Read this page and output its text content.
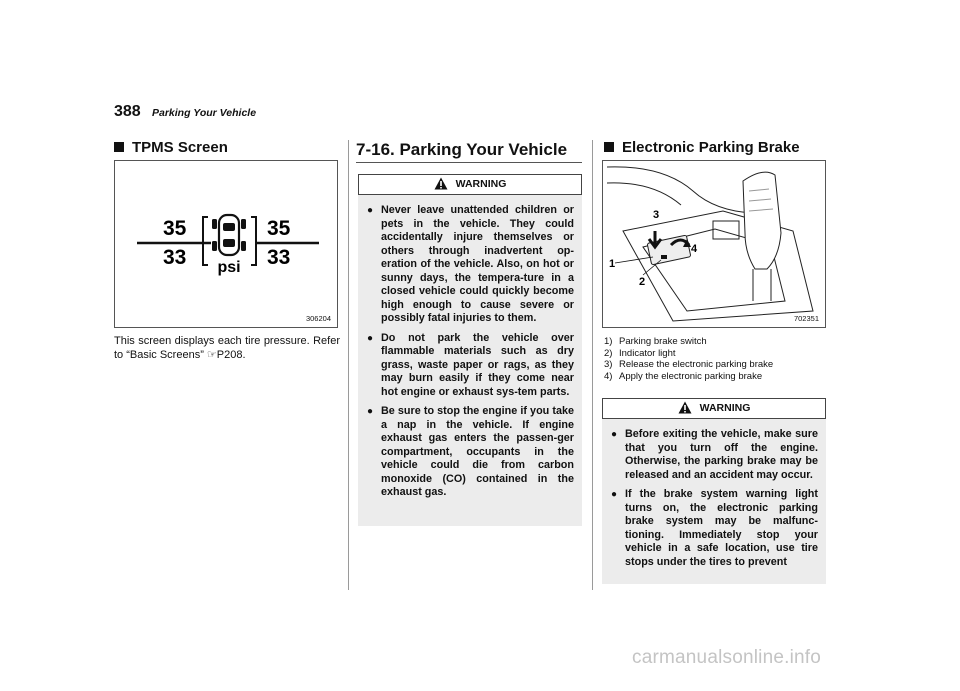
388 Parking Your Vehicle
TPMS Screen
35
33
35
33
psi
306204
This screen displays each tire pressure. Refer to “Basic Screens” ☞P208.
7-16. Parking Your Vehicle
WARNING
● Never leave unattended children or pets in the vehicle. They could accidentally injure themselves or others through inadvertent op-eration of the vehicle. Also, on hot or sunny days, the tempera-ture in a closed vehicle could quickly become high enough to cause severe or possibly fatal injuries to them.
● Do not park the vehicle over flammable materials such as dry grass, waste paper or rags, as they may burn easily if they come near hot engine or exhaust sys-tem parts.
● Be sure to stop the engine if you take a nap in the vehicle. If engine exhaust gas enters the passen-ger compartment, occupants in the vehicle could die from carbon monoxide (CO) contained in the exhaust gas.
Electronic Parking Brake
3
4
1
2
702351
1) Parking brake switch
2) Indicator light
3) Release the electronic parking brake
4) Apply the electronic parking brake
WARNING
● Before exiting the vehicle, make sure that you turn off the engine. Otherwise, the parking brake may be released and an accident may occur.
● If the brake system warning light turns on, the electronic parking brake system may be malfunc-tioning. Immediately stop your vehicle in a safe location, use tire stops under the tires to prevent
carmanualsonline.info
